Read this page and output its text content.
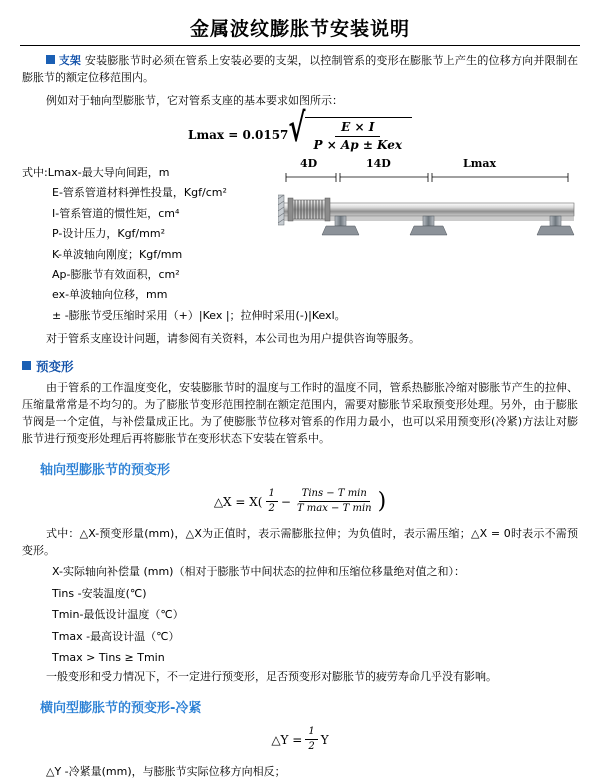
金属波纹膨胀节安装说明

支架 安装膨胀节时必须在管系上安装必要的支架，以控制管系的变形在膨胀节上产生的位移方向并限制在膨胀节的额定位移范围内。

例如对于轴向型膨胀节，它对管系支座的基本要求如图所示：

Lmax = 0.0157 √ $\frac{E \times I}{\text{P × Ap ± Kex}}$
4D	14D	Lmax
式中:Lmax-最大导向间距，m
E-管系管道材料弹性投量，Kgf/cm²
I-管系管道的惯性矩，cm⁴
P-设计压力，Kgf/mm²
K-单波轴向刚度；Kgf/mm
Ap-膨胀节有效面积，cm²
ex-单波轴向位移，mm
± -膨胀节受压缩时采用（+）|Kex |；拉伸时采用(-)|Kexl。

对于管系支座设计问题，请参阅有关资料，本公司也为用户提供咨询等服务。

预变形

由于管系的工作温度变化，安装膨胀节时的温度与工作时的温度不同，管系热膨胀冷缩对膨胀节产生的拉伸、压缩量常常是不均匀的。为了膨胀节变形范围控制在额定范围内，需要对膨胀节采取预变形处理。另外，由于膨胀节阀是一个定值，与补偿量成正比。为了使膨胀节位移对管系的作用力最小，也可以采用预变形(冷紧)方法让对膨胀节进行预变形处理后再将膨胀节在变形状态下安装在管系中。

轴向型膨胀节的预变形
△X = $X( \frac{1}{2} - \frac{\text{Tins − T min}}{\text{T max − T min}}$ )

式中：△X-预变形量(mm)，△X为正值时，表示需膨胀拉伸；为负值时，表示需压缩；△X = 0时表示不需预变形。

X-实际轴向补偿量 (mm)（相对于膨胀节中间状态的拉伸和压缩位移量绝对值之和）：
Tins -安装温度(℃)
Tmin-最低设计温度（℃）
Tmax -最高设计温（℃）
Tmax > Tins ≥ Tmin

一般变形和受力情况下，不一定进行预变形，足否预变形对膨胀节的疲劳寿命几乎没有影响。

横向型膨胀节的预变形-冷紧
△Y = $\frac{1}{2}$ Y

△Y -冷紧量(mm)，与膨胀节实际位移方向相反；
